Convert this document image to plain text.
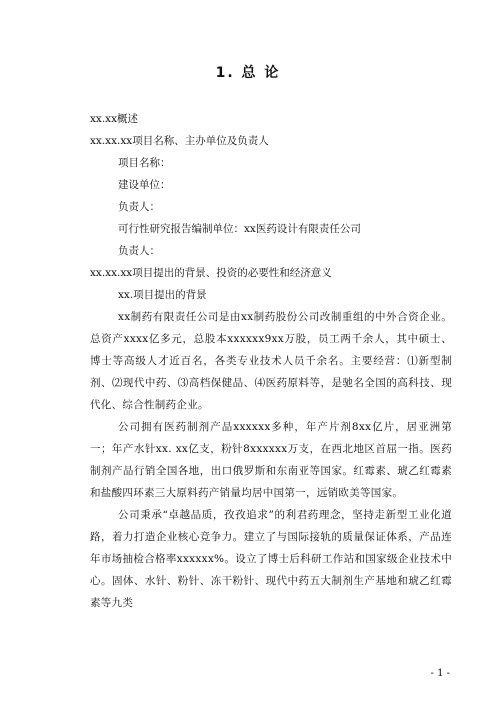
1. 总 论
xx.xx概述
xx.xx.xx项目名称、主办单位及负责人
项目名称：
建设单位：
负责人：
可行性研究报告编制单位：xx医药设计有限责任公司
负责人：
xx.xx.xx项目提出的背景、投资的必要性和经济意义
xx.项目提出的背景
xx制药有限责任公司是由xx制药股份公司改制重组的中外合资企业。总资产xxxx亿多元，总股本xxxxxx9xx万股，员工两千余人，其中硕士、博士等高级人才近百名，各类专业技术人员千余名。主要经营：⑴新型制剂、⑵现代中药、⑶高档保健品、⑷医药原料等，是驰名全国的高科技、现代化、综合性制药企业。
公司拥有医药制剂产品xxxxxx多种，年产片剂8xx亿片，居亚洲第一；年产水针xx. xx亿支，粉针8xxxxxx万支，在西北地区首屈一指。医药制剂产品行销全国各地，出口俄罗斯和东南亚等国家。红霉素、琥乙红霉素和盐酸四环素三大原料药产销量均居中国第一，远销欧美等国家。
公司秉承“卓越品质，孜孜追求”的利君药理念，坚持走新型工业化道路，着力打造企业核心竞争力。建立了与国际接轨的质量保证体系，产品连年市场抽检合格率xxxxxx%。设立了博士后科研工作站和国家级企业技术中心。固体、水针、粉针、冻干粉针、现代中药五大制剂生产基地和琥乙红霉素等九类
- 1 -
